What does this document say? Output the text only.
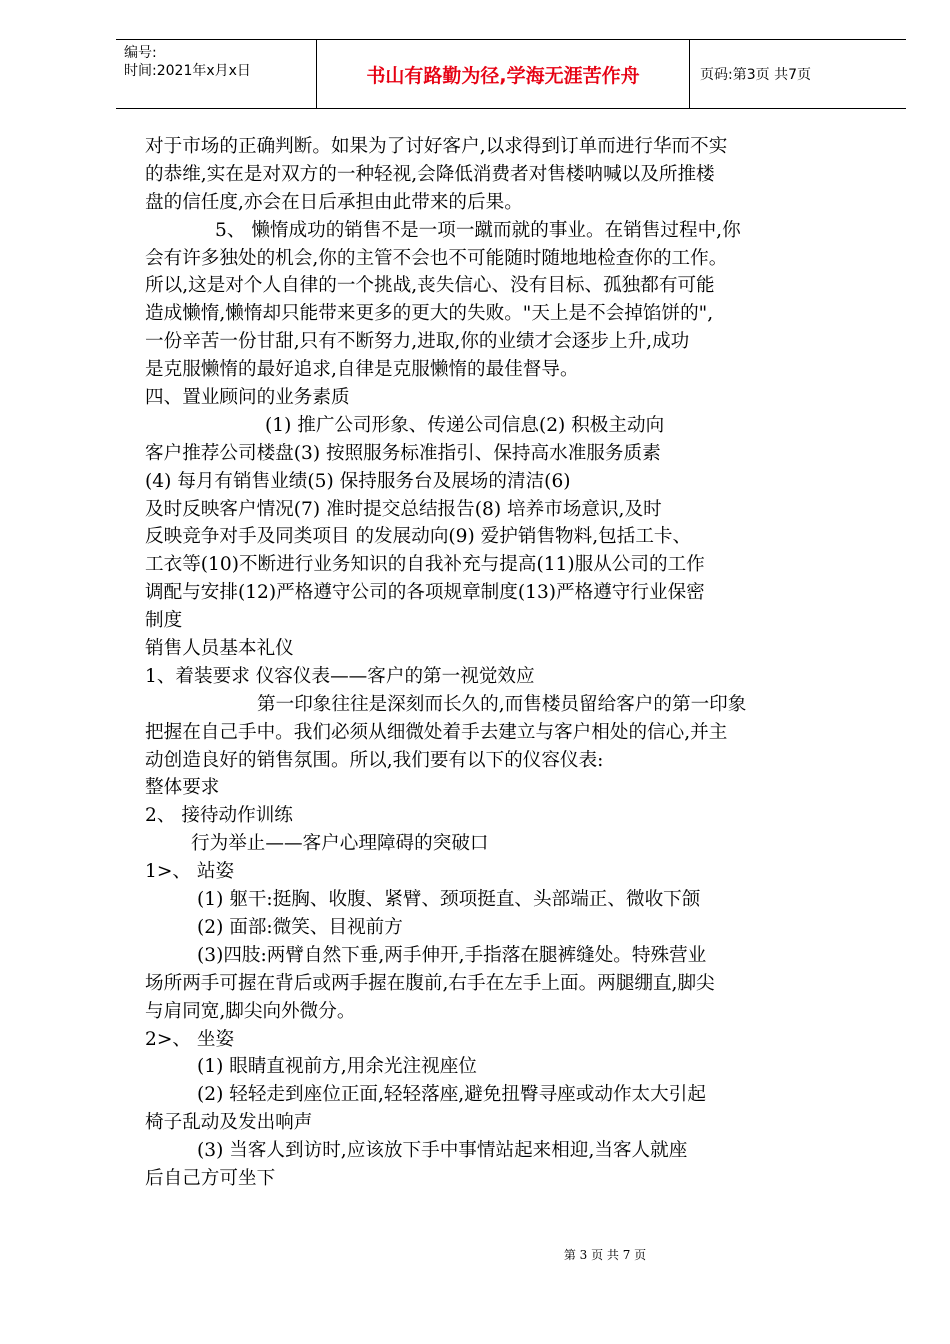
编号:
时间:2021年x月x日	书山有路勤为径,学海无涯苦作舟	页码:第3页 共7页
对于市场的正确判断。如果为了讨好客户,以求得到订单而进行华而不实
的恭维,实在是对双方的一种轻视,会降低消费者对售楼呐喊以及所推楼
盘的信任度,亦会在日后承担由此带来的后果。
5、 懒惰成功的销售不是一项一蹴而就的事业。在销售过程中,你
会有许多独处的机会,你的主管不会也不可能随时随地地检查你的工作。
所以,这是对个人自律的一个挑战,丧失信心、没有目标、孤独都有可能
造成懒惰,懒惰却只能带来更多的更大的失败。"天上是不会掉馅饼的",
一份辛苦一份甘甜,只有不断努力,进取,你的业绩才会逐步上升,成功
是克服懒惰的最好追求,自律是克服懒惰的最佳督导。
四、置业顾问的业务素质
(1) 推广公司形象、传递公司信息(2) 积极主动向
客户推荐公司楼盘(3) 按照服务标准指引、保持高水准服务质素
(4) 每月有销售业绩(5) 保持服务台及展场的清洁(6)
及时反映客户情况(7) 准时提交总结报告(8) 培养市场意识,及时
反映竞争对手及同类项目 的发展动向(9) 爱护销售物料,包括工卡、
工衣等(10)不断进行业务知识的自我补充与提高(11)服从公司的工作
调配与安排(12)严格遵守公司的各项规章制度(13)严格遵守行业保密
制度
销售人员基本礼仪
1、着装要求 仪容仪表——客户的第一视觉效应
第一印象往往是深刻而长久的,而售楼员留给客户的第一印象
把握在自己手中。我们必须从细微处着手去建立与客户相处的信心,并主
动创造良好的销售氛围。所以,我们要有以下的仪容仪表:
整体要求
2、 接待动作训练
行为举止——客户心理障碍的突破口
1>、 站姿
(1) 躯干:挺胸、收腹、紧臂、颈项挺直、头部端正、微收下颌
(2) 面部:微笑、目视前方
(3)四肢:两臂自然下垂,两手伸开,手指落在腿裤缝处。特殊营业
场所两手可握在背后或两手握在腹前,右手在左手上面。两腿绷直,脚尖
与肩同宽,脚尖向外微分。
2>、 坐姿
(1) 眼睛直视前方,用余光注视座位
(2) 轻轻走到座位正面,轻轻落座,避免扭臀寻座或动作太大引起
椅子乱动及发出响声
(3) 当客人到访时,应该放下手中事情站起来相迎,当客人就座
后自己方可坐下
第 3 页 共 7 页
